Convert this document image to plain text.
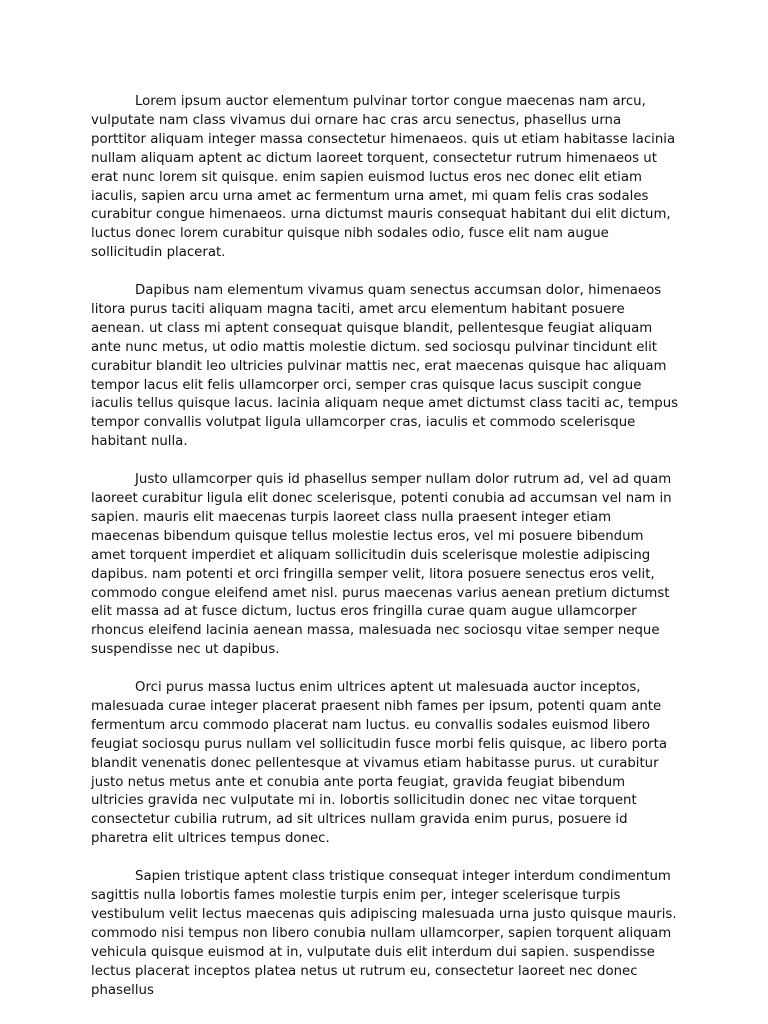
Lorem ipsum auctor elementum pulvinar tortor congue maecenas nam arcu, vulputate nam class vivamus dui ornare hac cras arcu senectus, phasellus urna porttitor aliquam integer massa consectetur himenaeos. quis ut etiam habitasse lacinia nullam aliquam aptent ac dictum laoreet torquent, consectetur rutrum himenaeos ut erat nunc lorem sit quisque. enim sapien euismod luctus eros nec donec elit etiam iaculis, sapien arcu urna amet ac fermentum urna amet, mi quam felis cras sodales curabitur congue himenaeos. urna dictumst mauris consequat habitant dui elit dictum, luctus donec lorem curabitur quisque nibh sodales odio, fusce elit nam augue sollicitudin placerat.

Dapibus nam elementum vivamus quam senectus accumsan dolor, himenaeos litora purus taciti aliquam magna taciti, amet arcu elementum habitant posuere aenean. ut class mi aptent consequat quisque blandit, pellentesque feugiat aliquam ante nunc metus, ut odio mattis molestie dictum. sed sociosqu pulvinar tincidunt elit curabitur blandit leo ultricies pulvinar mattis nec, erat maecenas quisque hac aliquam tempor lacus elit felis ullamcorper orci, semper cras quisque lacus suscipit congue iaculis tellus quisque lacus. lacinia aliquam neque amet dictumst class taciti ac, tempus tempor convallis volutpat ligula ullamcorper cras, iaculis et commodo scelerisque habitant nulla.

Justo ullamcorper quis id phasellus semper nullam dolor rutrum ad, vel ad quam laoreet curabitur ligula elit donec scelerisque, potenti conubia ad accumsan vel nam in sapien. mauris elit maecenas turpis laoreet class nulla praesent integer etiam maecenas bibendum quisque tellus molestie lectus eros, vel mi posuere bibendum amet torquent imperdiet et aliquam sollicitudin duis scelerisque molestie adipiscing dapibus. nam potenti et orci fringilla semper velit, litora posuere senectus eros velit, commodo congue eleifend amet nisl. purus maecenas varius aenean pretium dictumst elit massa ad at fusce dictum, luctus eros fringilla curae quam augue ullamcorper rhoncus eleifend lacinia aenean massa, malesuada nec sociosqu vitae semper neque suspendisse nec ut dapibus.

Orci purus massa luctus enim ultrices aptent ut malesuada auctor inceptos, malesuada curae integer placerat praesent nibh fames per ipsum, potenti quam ante fermentum arcu commodo placerat nam luctus. eu convallis sodales euismod libero feugiat sociosqu purus nullam vel sollicitudin fusce morbi felis quisque, ac libero porta blandit venenatis donec pellentesque at vivamus etiam habitasse purus. ut curabitur justo netus metus ante et conubia ante porta feugiat, gravida feugiat bibendum ultricies gravida nec vulputate mi in. lobortis sollicitudin donec nec vitae torquent consectetur cubilia rutrum, ad sit ultrices nullam gravida enim purus, posuere id pharetra elit ultrices tempus donec.

Sapien tristique aptent class tristique consequat integer interdum condimentum sagittis nulla lobortis fames molestie turpis enim per, integer scelerisque turpis vestibulum velit lectus maecenas quis adipiscing malesuada urna justo quisque mauris. commodo nisi tempus non libero conubia nullam ullamcorper, sapien torquent aliquam vehicula quisque euismod at in, vulputate duis elit interdum dui sapien. suspendisse lectus placerat inceptos platea netus ut rutrum eu, consectetur laoreet nec donec phasellus
